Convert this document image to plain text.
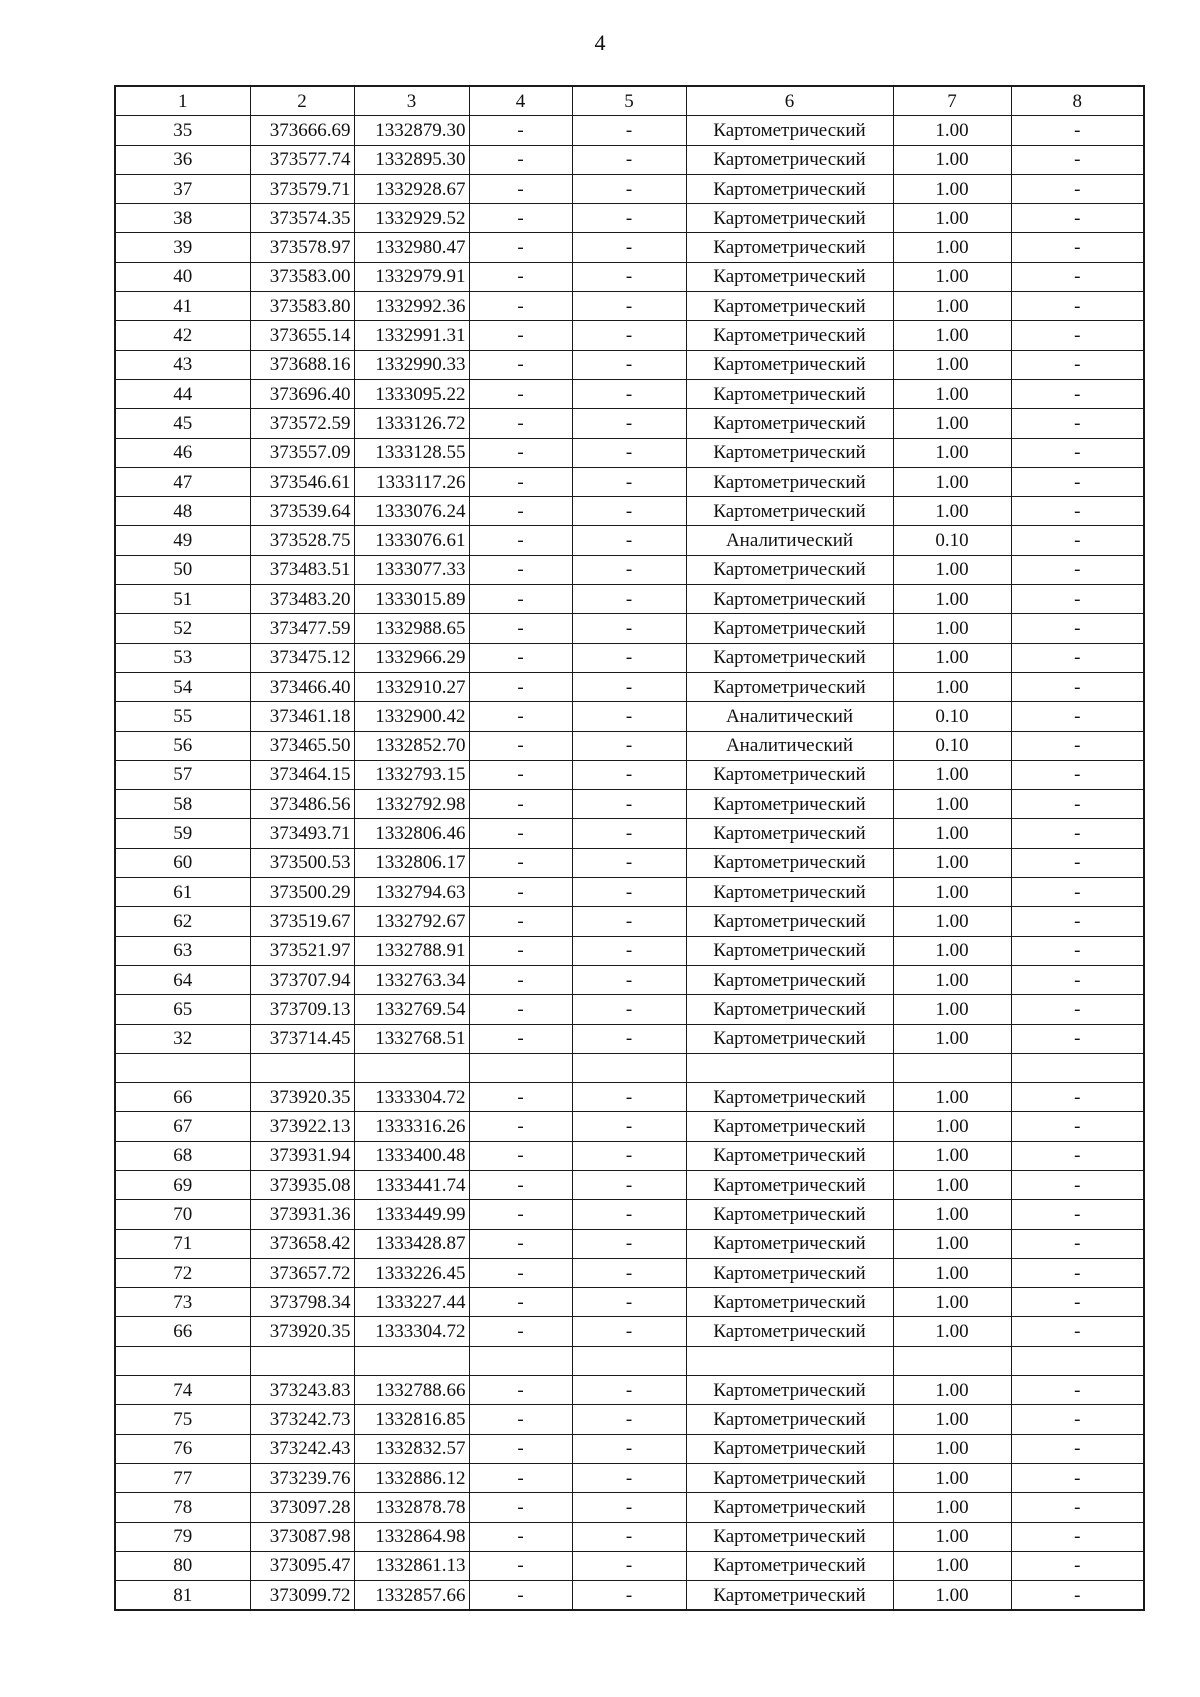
4
1	2	3	4	5	6	7	8
35	373666.69	1332879.30	-	-	Картометрический	1.00	-
36	373577.74	1332895.30	-	-	Картометрический	1.00	-
37	373579.71	1332928.67	-	-	Картометрический	1.00	-
38	373574.35	1332929.52	-	-	Картометрический	1.00	-
39	373578.97	1332980.47	-	-	Картометрический	1.00	-
40	373583.00	1332979.91	-	-	Картометрический	1.00	-
41	373583.80	1332992.36	-	-	Картометрический	1.00	-
42	373655.14	1332991.31	-	-	Картометрический	1.00	-
43	373688.16	1332990.33	-	-	Картометрический	1.00	-
44	373696.40	1333095.22	-	-	Картометрический	1.00	-
45	373572.59	1333126.72	-	-	Картометрический	1.00	-
46	373557.09	1333128.55	-	-	Картометрический	1.00	-
47	373546.61	1333117.26	-	-	Картометрический	1.00	-
48	373539.64	1333076.24	-	-	Картометрический	1.00	-
49	373528.75	1333076.61	-	-	Аналитический	0.10	-
50	373483.51	1333077.33	-	-	Картометрический	1.00	-
51	373483.20	1333015.89	-	-	Картометрический	1.00	-
52	373477.59	1332988.65	-	-	Картометрический	1.00	-
53	373475.12	1332966.29	-	-	Картометрический	1.00	-
54	373466.40	1332910.27	-	-	Картометрический	1.00	-
55	373461.18	1332900.42	-	-	Аналитический	0.10	-
56	373465.50	1332852.70	-	-	Аналитический	0.10	-
57	373464.15	1332793.15	-	-	Картометрический	1.00	-
58	373486.56	1332792.98	-	-	Картометрический	1.00	-
59	373493.71	1332806.46	-	-	Картометрический	1.00	-
60	373500.53	1332806.17	-	-	Картометрический	1.00	-
61	373500.29	1332794.63	-	-	Картометрический	1.00	-
62	373519.67	1332792.67	-	-	Картометрический	1.00	-
63	373521.97	1332788.91	-	-	Картометрический	1.00	-
64	373707.94	1332763.34	-	-	Картометрический	1.00	-
65	373709.13	1332769.54	-	-	Картометрический	1.00	-
32	373714.45	1332768.51	-	-	Картометрический	1.00	-

66	373920.35	1333304.72	-	-	Картометрический	1.00	-
67	373922.13	1333316.26	-	-	Картометрический	1.00	-
68	373931.94	1333400.48	-	-	Картометрический	1.00	-
69	373935.08	1333441.74	-	-	Картометрический	1.00	-
70	373931.36	1333449.99	-	-	Картометрический	1.00	-
71	373658.42	1333428.87	-	-	Картометрический	1.00	-
72	373657.72	1333226.45	-	-	Картометрический	1.00	-
73	373798.34	1333227.44	-	-	Картометрический	1.00	-
66	373920.35	1333304.72	-	-	Картометрический	1.00	-

74	373243.83	1332788.66	-	-	Картометрический	1.00	-
75	373242.73	1332816.85	-	-	Картометрический	1.00	-
76	373242.43	1332832.57	-	-	Картометрический	1.00	-
77	373239.76	1332886.12	-	-	Картометрический	1.00	-
78	373097.28	1332878.78	-	-	Картометрический	1.00	-
79	373087.98	1332864.98	-	-	Картометрический	1.00	-
80	373095.47	1332861.13	-	-	Картометрический	1.00	-
81	373099.72	1332857.66	-	-	Картометрический	1.00	-
